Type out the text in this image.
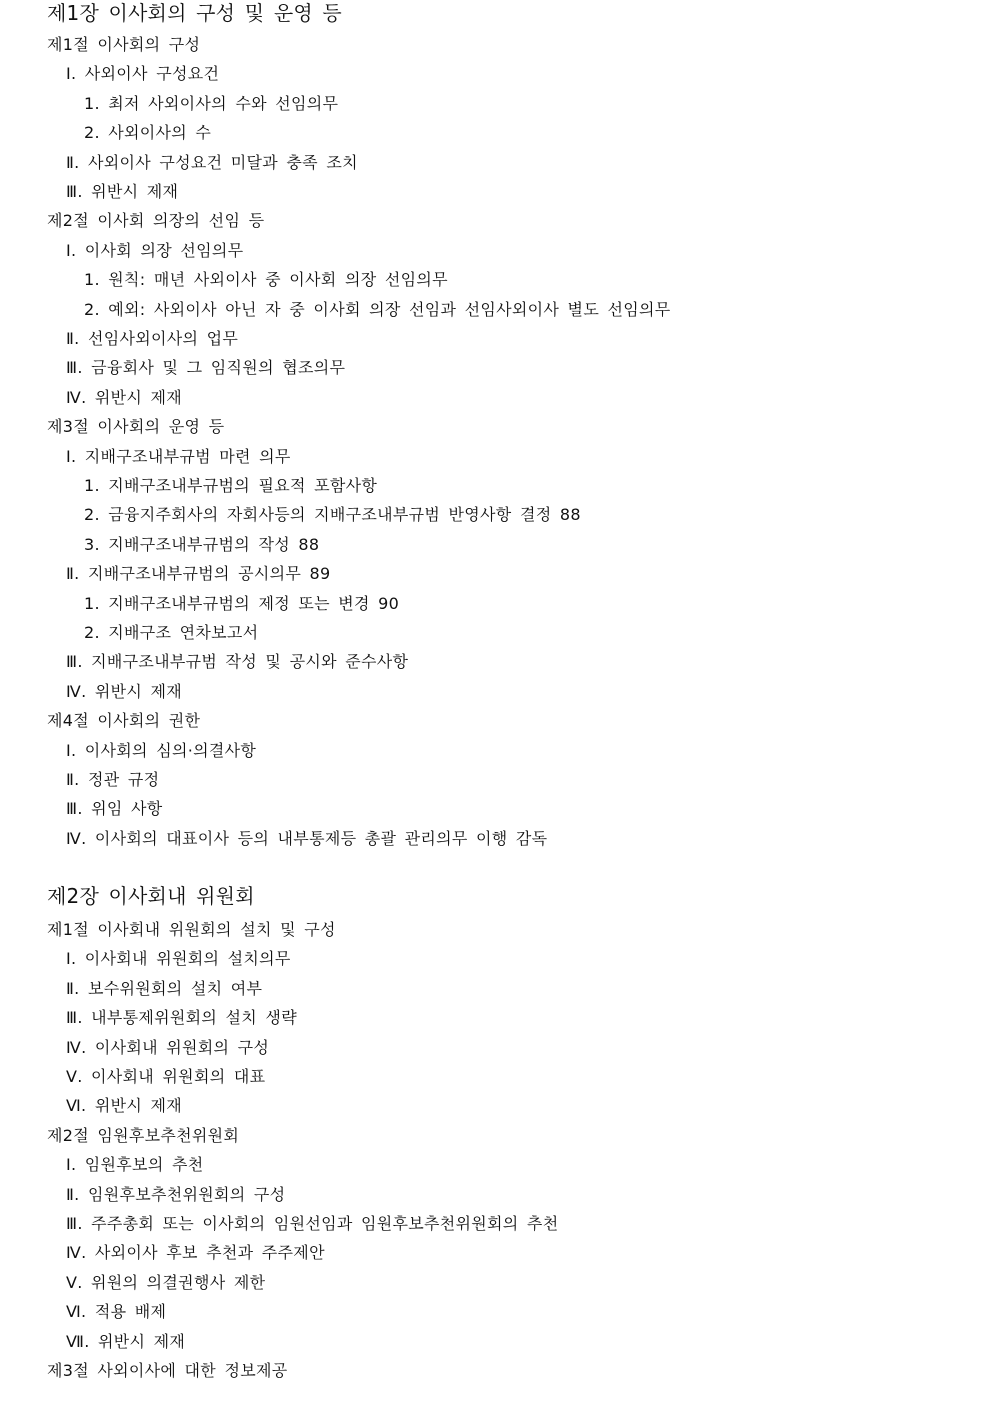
제1장 이사회의 구성 및 운영 등
제1절 이사회의 구성
Ⅰ. 사외이사 구성요건
1. 최저 사외이사의 수와 선임의무
2. 사외이사의 수
Ⅱ. 사외이사 구성요건 미달과 충족 조치
Ⅲ. 위반시 제재
제2절 이사회 의장의 선임 등
Ⅰ. 이사회 의장 선임의무
1. 원칙: 매년 사외이사 중 이사회 의장 선임의무
2. 예외: 사외이사 아닌 자 중 이사회 의장 선임과 선임사외이사 별도 선임의무
Ⅱ. 선임사외이사의 업무
Ⅲ. 금융회사 및 그 임직원의 협조의무
Ⅳ. 위반시 제재
제3절 이사회의 운영 등
Ⅰ. 지배구조내부규범 마련 의무
1. 지배구조내부규범의 필요적 포함사항
2. 금융지주회사의 자회사등의 지배구조내부규범 반영사항 결정 88
3. 지배구조내부규범의 작성 88
Ⅱ. 지배구조내부규범의 공시의무 89
1. 지배구조내부규범의 제정 또는 변경 90
2. 지배구조 연차보고서
Ⅲ. 지배구조내부규범 작성 및 공시와 준수사항
Ⅳ. 위반시 제재
제4절 이사회의 권한
Ⅰ. 이사회의 심의·의결사항
Ⅱ. 정관 규정
Ⅲ. 위임 사항
Ⅳ. 이사회의 대표이사 등의 내부통제등 총괄 관리의무 이행 감독
제2장 이사회내 위원회
제1절 이사회내 위원회의 설치 및 구성
Ⅰ. 이사회내 위원회의 설치의무
Ⅱ. 보수위원회의 설치 여부
Ⅲ. 내부통제위원회의 설치 생략
Ⅳ. 이사회내 위원회의 구성
Ⅴ. 이사회내 위원회의 대표
Ⅵ. 위반시 제재
제2절 임원후보추천위원회
Ⅰ. 임원후보의 추천
Ⅱ. 임원후보추천위원회의 구성
Ⅲ. 주주총회 또는 이사회의 임원선임과 임원후보추천위원회의 추천
Ⅳ. 사외이사 후보 추천과 주주제안
Ⅴ. 위원의 의결권행사 제한
Ⅵ. 적용 배제
Ⅶ. 위반시 제재
제3절 사외이사에 대한 정보제공
